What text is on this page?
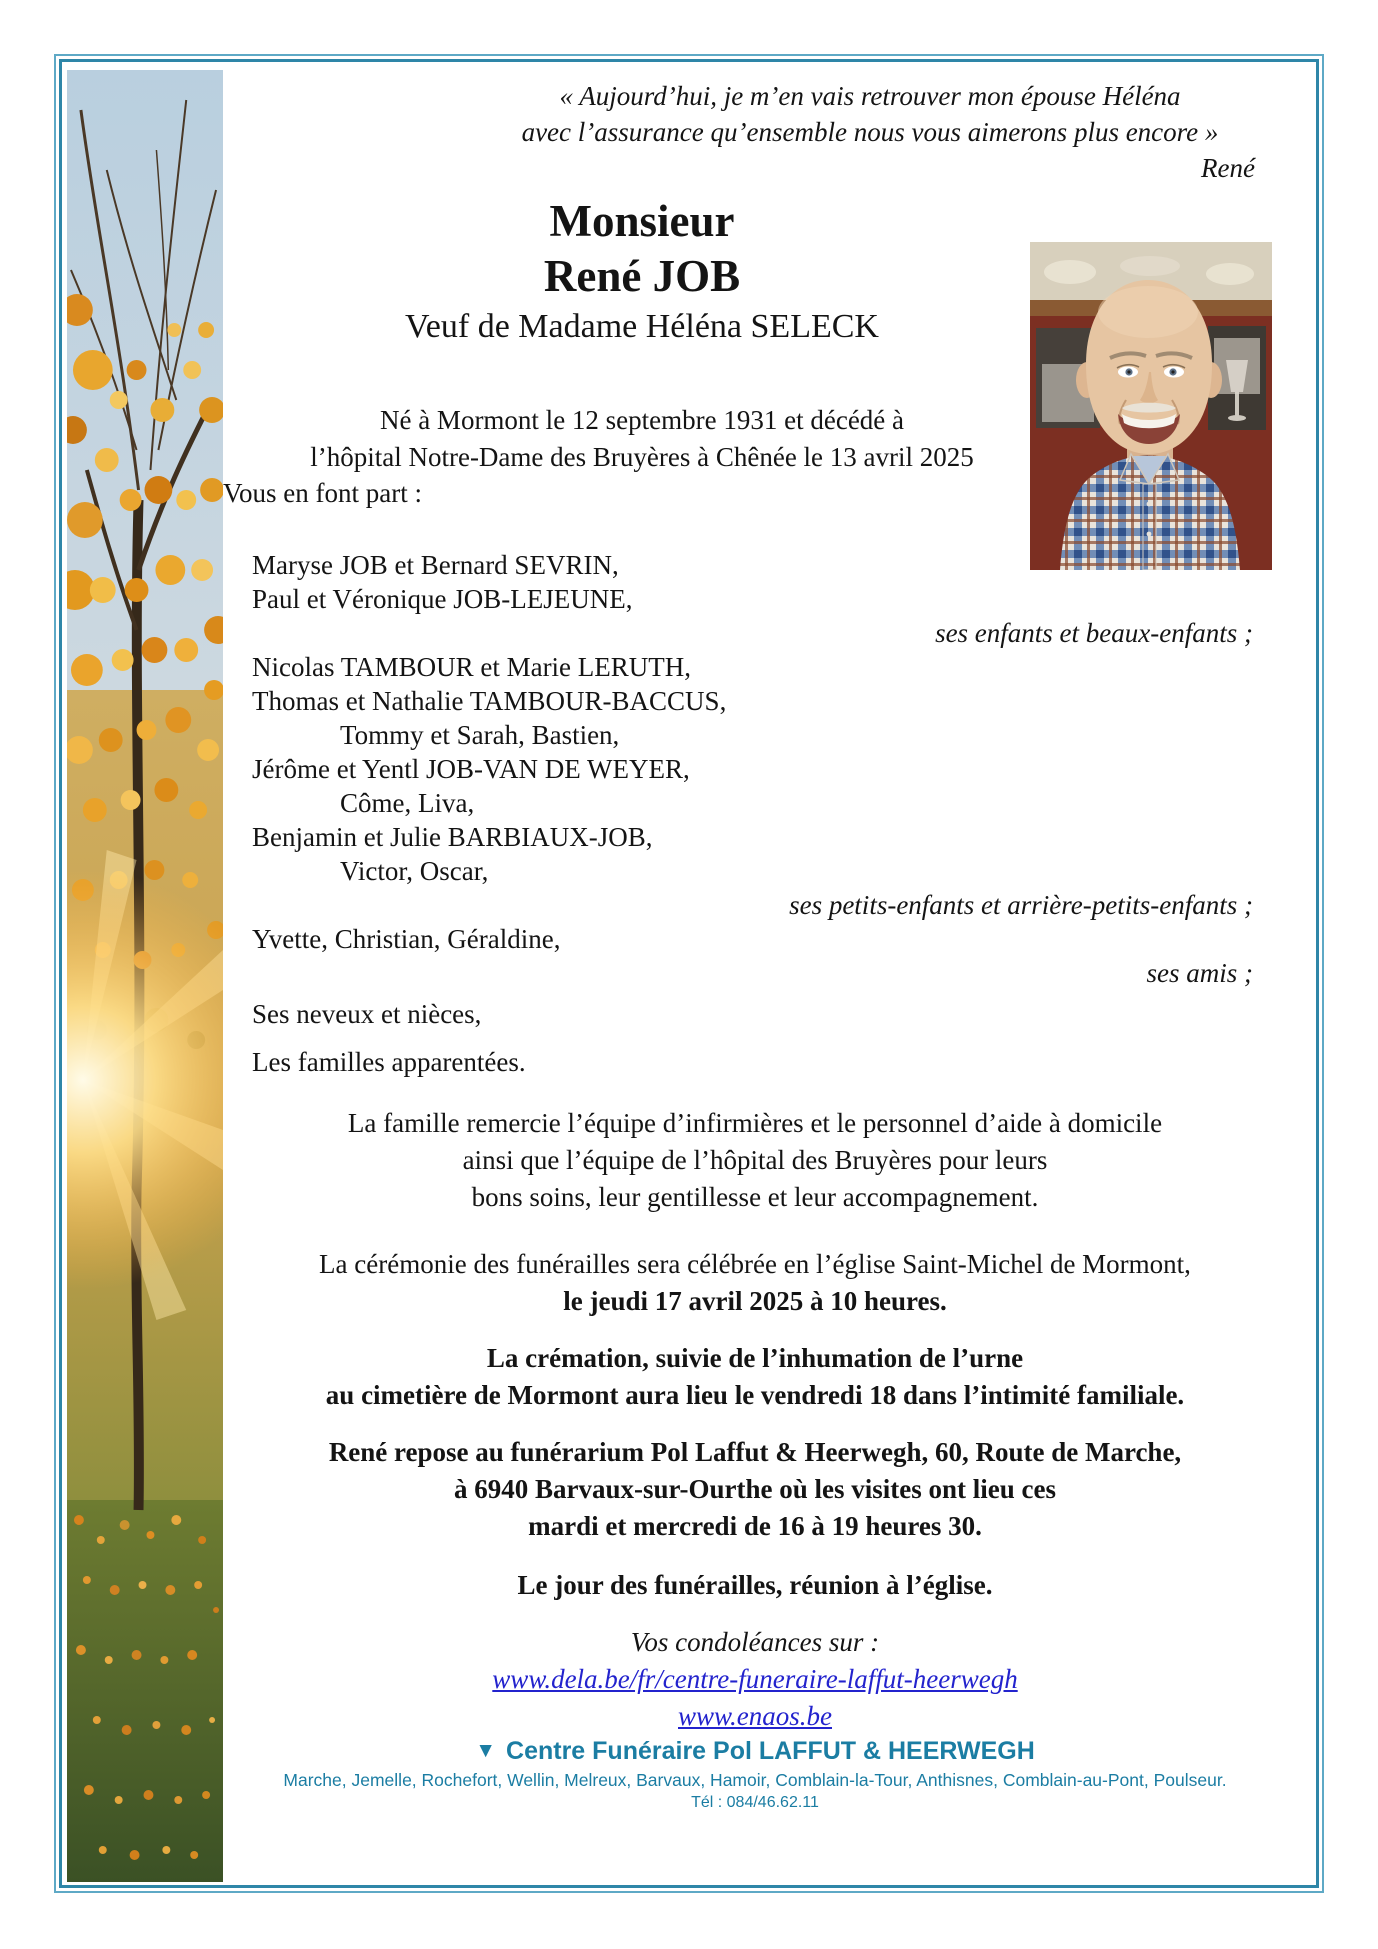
« Aujourd’hui, je m’en vais retrouver mon épouse Héléna

avec l’assurance qu’ensemble nous vous aimerons plus encore »

René

Monsieur

René JOB

Veuf de Madame Héléna SELECK

Né à Mormont le 12 septembre 1931 et décédé à

l’hôpital Notre-Dame des Bruyères à Chênée le 13 avril 2025

Vous en font part :

Maryse JOB et Bernard SEVRIN,

Paul et Véronique JOB-LEJEUNE,

ses enfants et beaux-enfants ;

Nicolas TAMBOUR et Marie LERUTH,

Thomas et Nathalie TAMBOUR-BACCUS,

Tommy et Sarah, Bastien,

Jérôme et Yentl JOB-VAN DE WEYER,

Côme, Liva,

Benjamin et Julie BARBIAUX-JOB,

Victor, Oscar,

ses petits-enfants et arrière-petits-enfants ;

Yvette, Christian, Géraldine,

ses amis ;

Ses neveux et nièces,

Les familles apparentées.

La famille remercie l’équipe d’infirmières et le personnel d’aide à domicile

ainsi que l’équipe de l’hôpital des Bruyères pour leurs

bons soins, leur gentillesse et leur accompagnement.

La cérémonie des funérailles sera célébrée en l’église Saint-Michel de Mormont,

le jeudi 17 avril 2025 à 10 heures.

La crémation, suivie de l’inhumation de l’urne

au cimetière de Mormont aura lieu le vendredi 18 dans l’intimité familiale.

René repose au funérarium Pol Laffut & Heerwegh, 60, Route de Marche,

à 6940 Barvaux-sur-Ourthe où les visites ont lieu ces

mardi et mercredi de 16 à 19 heures 30.

Le jour des funérailles, réunion à l’église.

Vos condoléances sur :

www.dela.be/fr/centre-funeraire-laffut-heerwegh

www.enaos.be

▼ Centre Funéraire Pol LAFFUT & HEERWEGH

Marche, Jemelle, Rochefort, Wellin, Melreux, Barvaux, Hamoir, Comblain-la-Tour, Anthisnes, Comblain-au-Pont, Poulseur.

Tél : 084/46.62.11
